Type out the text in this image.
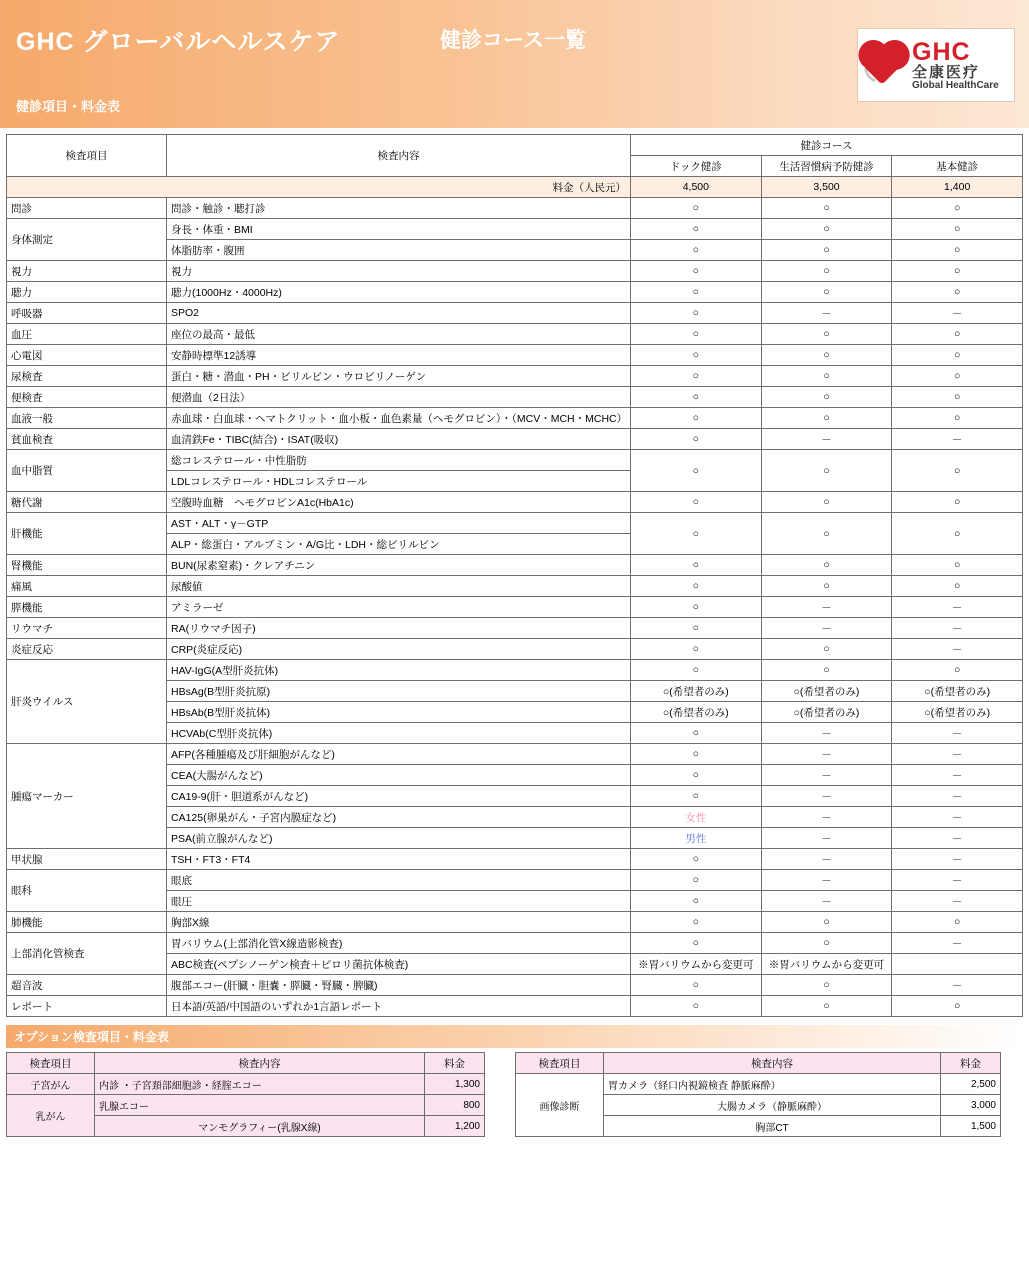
GHC グローバルヘルスケア	健診コース一覧
健診項目・料金表
GHC
全康医疗
Global HealthCare
検査項目	検査内容	健診コース		
		ドック健診	生活習慣病予防健診	基本健診
料金（人民元）		4,500	3,500	1,400
問診	問診・触診・聴打診	○	○	○
身体測定	身長・体重・BMI	○	○	○
	体脂肪率・腹囲	○	○	○
視力	視力	○	○	○
聴力	聴力(1000Hz・4000Hz)	○	○	○
呼吸器	SPO2	○	－	－
血圧	座位の最高・最低	○	○	○
心電図	安静時標準12誘導	○	○	○
尿検査	蛋白・糖・潜血・PH・ビリルビン・ウロビリノーゲン	○	○	○
便検査	便潜血（2日法）	○	○	○
血液一般	赤血球・白血球・ヘマトクリット・血小板・血色素量（ヘモグロビン）・（MCV・MCH・MCHC）	○	○	○
貧血検査	血清鉄Fe・TIBC(結合)・ISAT(吸収)	○	－	－
血中脂質	総コレステロール・中性脂肪	○	○	○
	LDLコレステロール・HDLコレステロール			
糖代謝	空腹時血糖　ヘモグロビンA1c(HbA1c)	○	○	○
肝機能	AST・ALT・γ－GTP	○	○	○
	ALP・総蛋白・アルブミン・A/G比・LDH・総ビリルビン			
腎機能	BUN(尿素窒素)・クレアチニン	○	○	○
痛風	尿酸値	○	○	○
膵機能	アミラーゼ	○	－	－
リウマチ	RA(リウマチ因子)	○	－	－
炎症反応	CRP(炎症反応)	○	○	－
肝炎ウイルス	HAV-IgG(A型肝炎抗体)	○	○	○
	HBsAg(B型肝炎抗原)	○(希望者のみ)	○(希望者のみ)	○(希望者のみ)
	HBsAb(B型肝炎抗体)	○(希望者のみ)	○(希望者のみ)	○(希望者のみ)
	HCVAb(C型肝炎抗体)	○	－	－
腫瘍マーカー	AFP(各種腫瘍及び肝細胞がんなど)	○	－	－
	CEA(大腸がんなど)	○	－	－
	CA19-9(肝・胆道系がんなど)	○	－	－
	CA125(卵巣がん・子宮内膜症など)	女性	－	－
	PSA(前立腺がんなど)	男性	－	－
甲状腺	TSH・FT3・FT4	○	－	－
眼科	眼底	○	－	－
	眼圧	○	－	－
肺機能	胸部X線	○	○	○
上部消化管検査	胃バリウム(上部消化管X線造影検査)	○	○	－
	ABC検査(ペプシノーゲン検査＋ピロリ菌抗体検査)	※胃バリウムから変更可	※胃バリウムから変更可	
超音波	腹部エコー(肝臓・胆嚢・膵臓・腎臓・脾臓)	○	○	－
レポート	日本語/英語/中国語のいずれか1言語レポート	○	○	○
オプション検査項目・料金表
検査項目	検査内容	料金
子宮がん	内診 ・子宮頚部細胞診・経腟エコー	1,300
乳がん	乳腺エコー	800
	マンモグラフィー(乳腺X線)	1,200
検査項目	検査内容	料金
画像診断	胃カメラ（経口内視鏡検査 静脈麻酔）	2,500
	大腸カメラ（静脈麻酔）	3,000
	胸部CT	1,500
